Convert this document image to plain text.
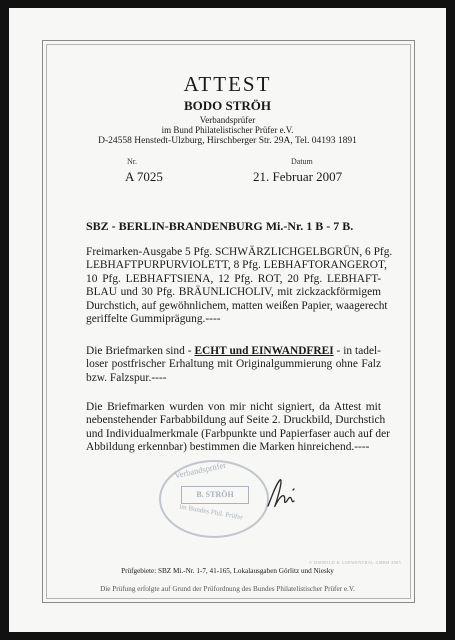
ATTEST
BODO STRÖH
Verbandsprüfer
im Bund Philatelistischer Prüfer e.V.
D-24558 Henstedt-Ulzburg, Hirschberger Str. 29A, Tel. 04193 1891
Nr.
A 7025
Datum
21. Februar 2007
SBZ - BERLIN-BRANDENBURG Mi.-Nr. 1 B - 7 B.
Freimarken-Ausgabe 5 Pfg. SCHWÄRZLICHGELBGRÜN, 6 Pfg.
LEBHAFTPURPURVIOLETT, 8 Pfg. LEBHAFTORANGEROT,
10 Pfg. LEBHAFTSIENA, 12 Pfg. ROT, 20 Pfg. LEBHAFT-
BLAU und 30 Pfg. BRÄUNLICHOLIV, mit zickzackförmigem
Durchstich, auf gewöhnlichem, matten weißen Papier, waagerecht
geriffelte Gummiprägung.----
Die Briefmarken sind - ECHT und EINWANDFREI - in tadel-
loser postfrischer Erhaltung mit Originalgummierung ohne Falz
bzw. Falzspur.----
Die Briefmarken wurden von mir nicht signiert, da Attest mit
nebenstehender Farbabbildung auf Seite 2. Druckbild, Durchstich
und Individualmerkmale (Farbpunkte und Papierfaser auch auf der
Abbildung erkennbar) bestimmen die Marken hinreichend.----
Verbandsprüfer
B. STRÖH
im Bundes Phil. Prüfer
© DIEBOLD & LOEWENTHAL GMBH 2005
Prüfgebiete: SBZ Mi.-Nr. 1-7, 41-165, Lokalausgaben Görlitz und Niesky
Die Prüfung erfolgte auf Grund der Prüfordnung des Bundes Philatelistischer Prüfer e.V.
